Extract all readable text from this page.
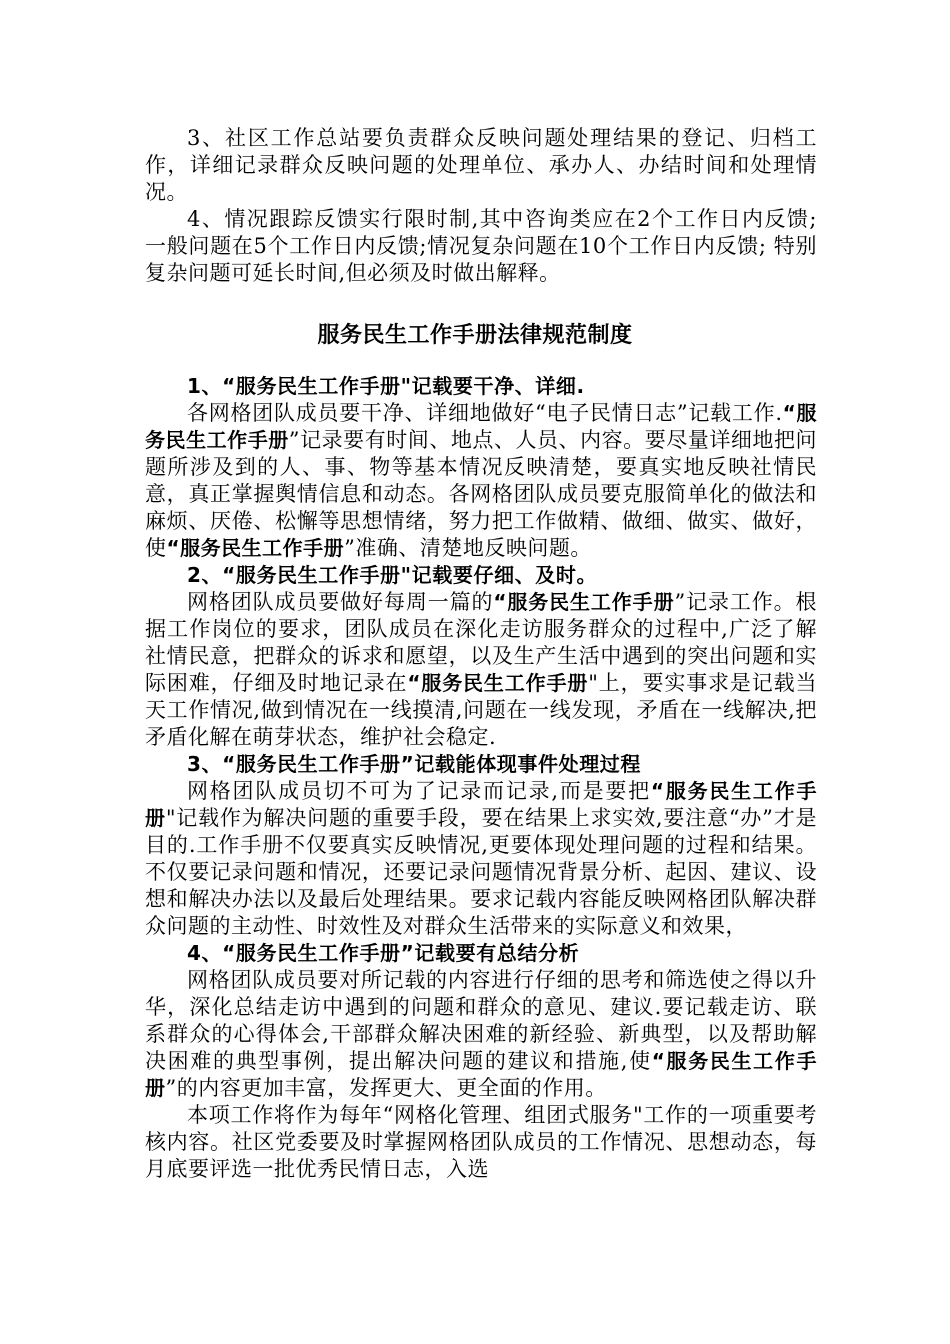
3、社区工作总站要负责群众反映问题处理结果的登记、归档工作，详细记录群众反映问题的处理单位、承办人、办结时间和处理情况。

4、情况跟踪反馈实行限时制,其中咨询类应在2个工作日内反馈; 一般问题在5个工作日内反馈;情况复杂问题在10个工作日内反馈; 特别复杂问题可延长时间,但必须及时做出解释。

服务民生工作手册法律规范制度

1、“服务民生工作手册"记载要干净、详细.

各网格团队成员要干净、详细地做好“电子民情日志”记载工作.“服务民生工作手册”记录要有时间、地点、人员、内容。要尽量详细地把问题所涉及到的人、事、物等基本情况反映清楚，要真实地反映社情民意，真正掌握舆情信息和动态。各网格团队成员要克服简单化的做法和麻烦、厌倦、松懈等思想情绪，努力把工作做精、做细、做实、做好，使“服务民生工作手册”准确、清楚地反映问题。

2、“服务民生工作手册"记载要仔细、及时。

网格团队成员要做好每周一篇的“服务民生工作手册”记录工作。根据工作岗位的要求，团队成员在深化走访服务群众的过程中,广泛了解社情民意，把群众的诉求和愿望，以及生产生活中遇到的突出问题和实际困难，仔细及时地记录在“服务民生工作手册"上，要实事求是记载当天工作情况,做到情况在一线摸清,问题在一线发现，矛盾在一线解决,把矛盾化解在萌芽状态，维护社会稳定.

3、“服务民生工作手册”记载能体现事件处理过程

网格团队成员切不可为了记录而记录,而是要把“服务民生工作手册"记载作为解决问题的重要手段，要在结果上求实效,要注意“办”才是目的.工作手册不仅要真实反映情况,更要体现处理问题的过程和结果。不仅要记录问题和情况，还要记录问题情况背景分析、起因、建议、设想和解决办法以及最后处理结果。要求记载内容能反映网格团队解决群众问题的主动性、时效性及对群众生活带来的实际意义和效果，

4、“服务民生工作手册”记载要有总结分析

网格团队成员要对所记载的内容进行仔细的思考和筛选使之得以升华，深化总结走访中遇到的问题和群众的意见、建议.要记载走访、联系群众的心得体会,干部群众解决困难的新经验、新典型，以及帮助解决困难的典型事例，提出解决问题的建议和措施,使“服务民生工作手册”的内容更加丰富，发挥更大、更全面的作用。

本项工作将作为每年“网格化管理、组团式服务"工作的一项重要考核内容。社区党委要及时掌握网格团队成员的工作情况、思想动态，每月底要评选一批优秀民情日志，入选
